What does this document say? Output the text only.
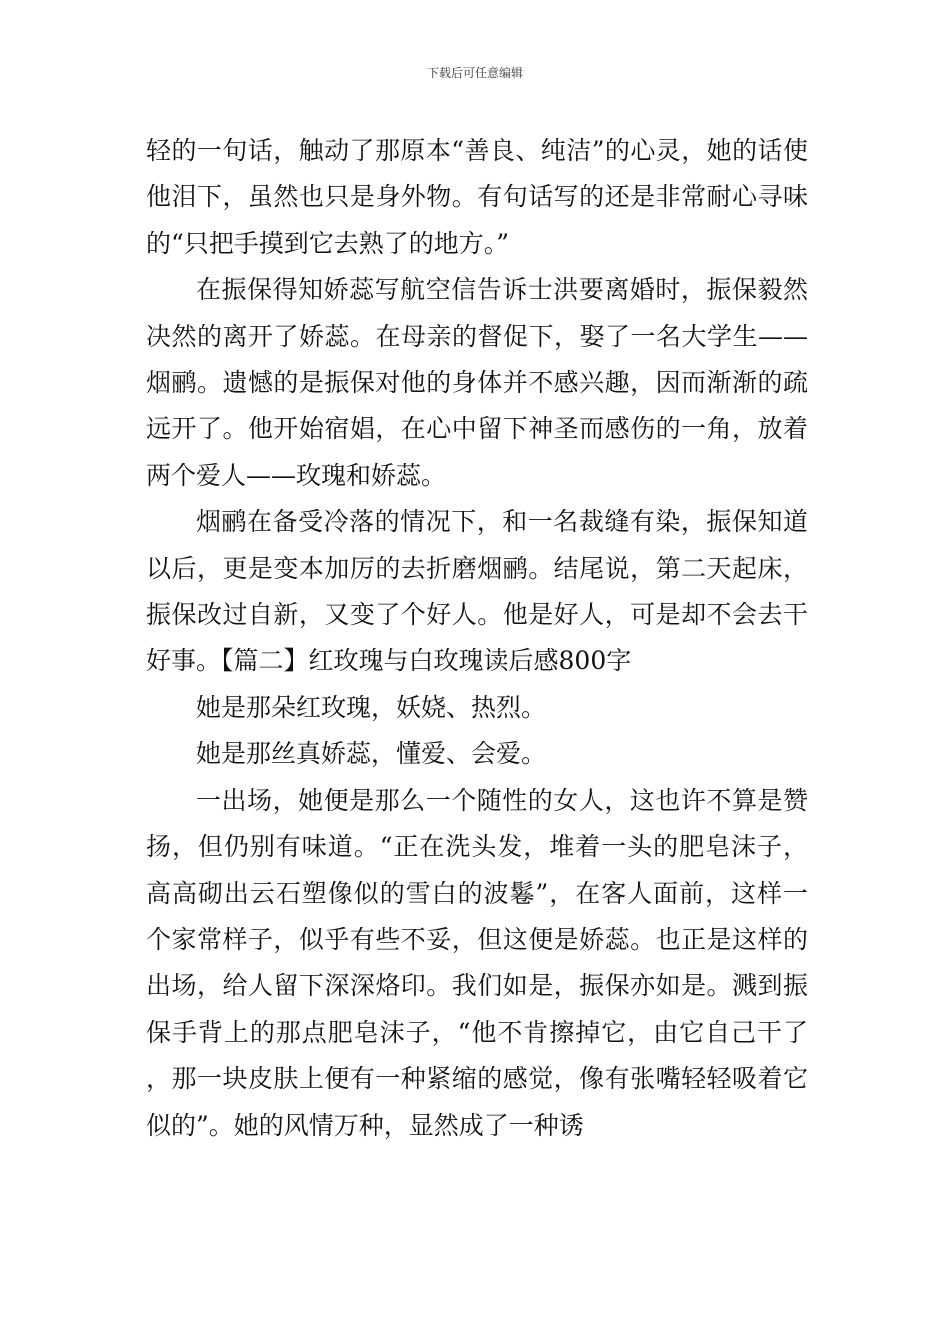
下载后可任意编辑

轻的一句话，触动了那原本“善良、纯洁”的心灵，她的话使他泪下，虽然也只是身外物。有句话写的还是非常耐心寻味的“只把手摸到它去熟了的地方。”

在振保得知娇蕊写航空信告诉士洪要离婚时，振保毅然决然的离开了娇蕊。在母亲的督促下，娶了一名大学生——烟鹂。遗憾的是振保对他的身体并不感兴趣，因而渐渐的疏远开了。他开始宿娼，在心中留下神圣而感伤的一角，放着两个爱人——玫瑰和娇蕊。

烟鹂在备受冷落的情况下，和一名裁缝有染，振保知道以后，更是变本加厉的去折磨烟鹂。结尾说，第二天起床，振保改过自新，又变了个好人。他是好人，可是却不会去干好事。【篇二】红玫瑰与白玫瑰读后感800字

她是那朵红玫瑰，妖娆、热烈。

她是那丝真娇蕊，懂爱、会爱。

一出场，她便是那么一个随性的女人，这也许不算是赞扬，但仍别有味道。“正在洗头发，堆着一头的肥皂沫子，高高砌出云石塑像似的雪白的波鬈”，在客人面前，这样一个家常样子，似乎有些不妥，但这便是娇蕊。也正是这样的出场，给人留下深深烙印。我们如是，振保亦如是。溅到振保手背上的那点肥皂沫子，“他不肯擦掉它，由它自己干了，那一块皮肤上便有一种紧缩的感觉，像有张嘴轻轻吸着它似的”。她的风情万种，显然成了一种诱
